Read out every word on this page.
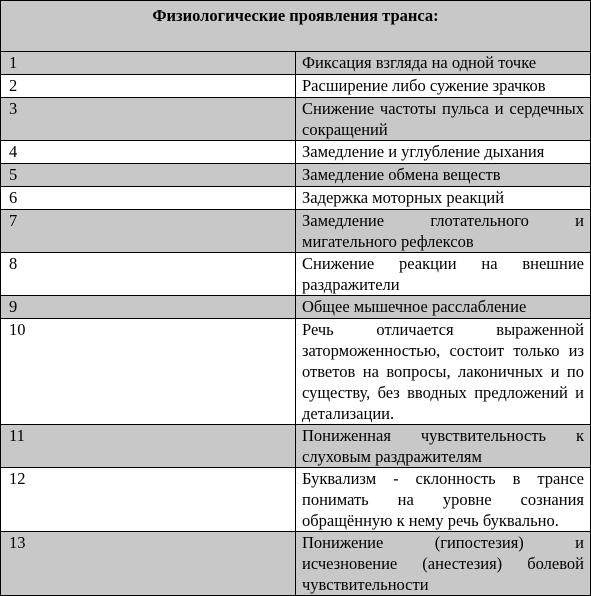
Физиологические проявления транса:	
1	Фиксация взгляда на одной точке
2	Расширение либо сужение зрачков
3	Снижение частоты пульса и сердечных сокращений
4	Замедление и углубление дыхания
5	Замедление обмена веществ
6	Задержка моторных реакций
7	Замедление глотательного и мигательного рефлексов
8	Снижение реакции на внешние раздражители
9	Общее мышечное расслабление
10	Речь отличается выраженной заторможенностью, состоит только из ответов на вопросы, лаконичных и по существу, без вводных предложений и детализации.
11	Пониженная чувствительность к слуховым раздражителям
12	Буквализм - склонность в трансе понимать на уровне сознания обращённую к нему речь буквально.
13	Понижение (гипостезия) и исчезновение (анестезия) болевой чувствительности
